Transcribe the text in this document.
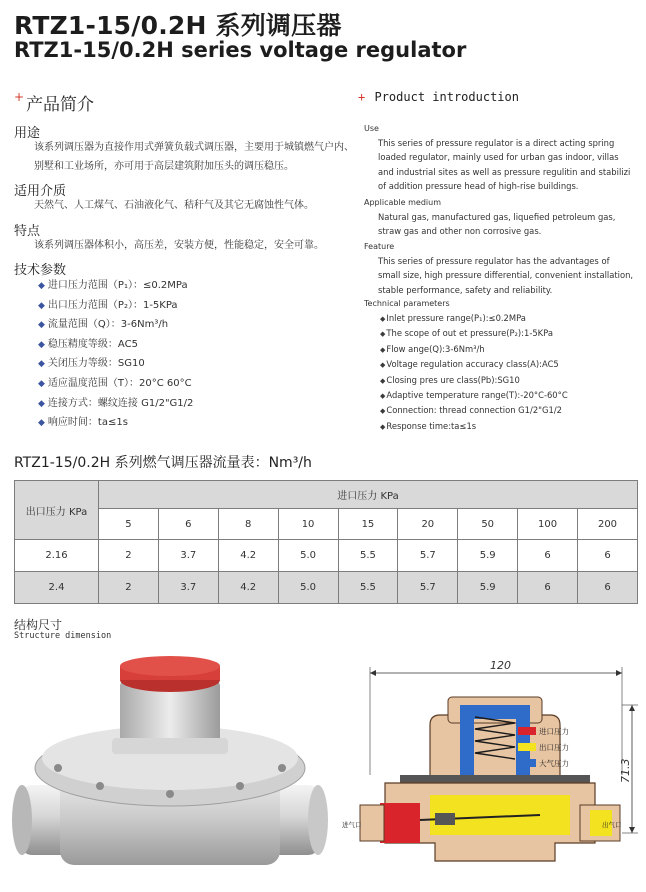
RTZ1-15/0.2H 系列调压器
RTZ1-15/0.2H series voltage regulator
+ 产品简介
用途
该系列调压器为直接作用式弹簧负载式调压器，主要用于城镇燃气户内、别墅和工业场所，亦可用于高层建筑附加压头的调压稳压。
适用介质
天然气、人工煤气、石油液化气、秸秆气及其它无腐蚀性气体。
特点
该系列调压器体积小，高压差，安装方便，性能稳定，安全可靠。
技术参数
◆ 进口压力范围（P₁）：≤0.2MPa
◆ 出口压力范围（P₂）：1-5KPa
◆ 流量范围（Q）：3-6Nm³/h
◆ 稳压精度等级：AC5
◆ 关闭压力等级：SG10
◆ 适应温度范围（T）：20°C 60°C
◆ 连接方式：螺纹连接 G1/2"G1/2
◆ 响应时间：ta≤1s
+ Product introduction
Use
This series of pressure regulator is a direct acting spring loaded regulator, mainly used for urban gas indoor, villas and industrial sites as well as pressure regulitin and stabilizi of addition pressure head of high-rise buildings.
Applicable medium
Natural gas, manufactured gas, liquefied petroleum gas, straw gas and other non corrosive gas.
Feature
This series of pressure regulator has the advantages of small size, high pressure differential, convenient installation, stable performance, safety and reliability.
Technical parameters
◆Inlet pressure range(P₁):≤0.2MPa
◆The scope of out et pressure(P₂):1-5KPa
◆Flow ange(Q):3-6Nm³/h
◆Voltage regulation accuracy class(A):AC5
◆Closing pres ure class(Pb):SG10
◆Adaptive temperature range(T):-20°C-60°C
◆Connection: thread connection G1/2"G1/2
◆Response time:ta≤1s
RTZ1-15/0.2H 系列燃气调压器流量表：Nm³/h
出口压力 KPa	进口压力 KPa								
	5	6	8	10	15	20	50	100	200
2.16	2	3.7	4.2	5.0	5.5	5.7	5.9	6	6
2.4	2	3.7	4.2	5.0	5.5	5.7	5.9	6	6
结构尺寸
Structure dimension
120
71.3
进口压力
出口压力
大气压力
进气口	出气口
